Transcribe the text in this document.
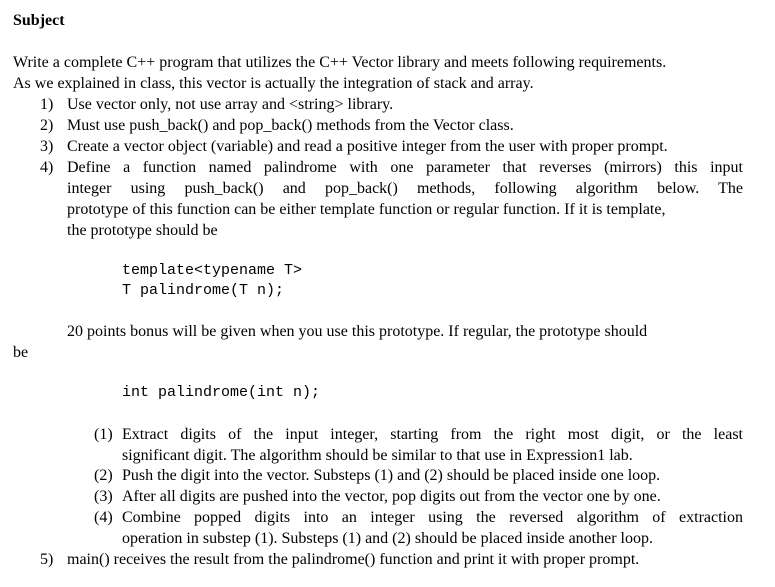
Subject
Write a complete C++ program that utilizes the C++ Vector library and meets following requirements.
As we explained in class, this vector is actually the integration of stack and array.
1) Use vector only, not use array and <string> library.
2) Must use push_back() and pop_back() methods from the Vector class.
3) Create a vector object (variable) and read a positive integer from the user with proper prompt.
4) Define a function named palindrome with one parameter that reverses (mirrors) this input
integer using push_back() and pop_back() methods, following algorithm below. The
prototype of this function can be either template function or regular function. If it is template,
the prototype should be
template<typename T>
T palindrome(T n);
20 points bonus will be given when you use this prototype. If regular, the prototype should
be
int palindrome(int n);
(1) Extract digits of the input integer, starting from the right most digit, or the least
significant digit. The algorithm should be similar to that use in Expression1 lab.
(2) Push the digit into the vector. Substeps (1) and (2) should be placed inside one loop.
(3) After all digits are pushed into the vector, pop digits out from the vector one by one.
(4) Combine popped digits into an integer using the reversed algorithm of extraction
operation in substep (1). Substeps (1) and (2) should be placed inside another loop.
5) main() receives the result from the palindrome() function and print it with proper prompt.
